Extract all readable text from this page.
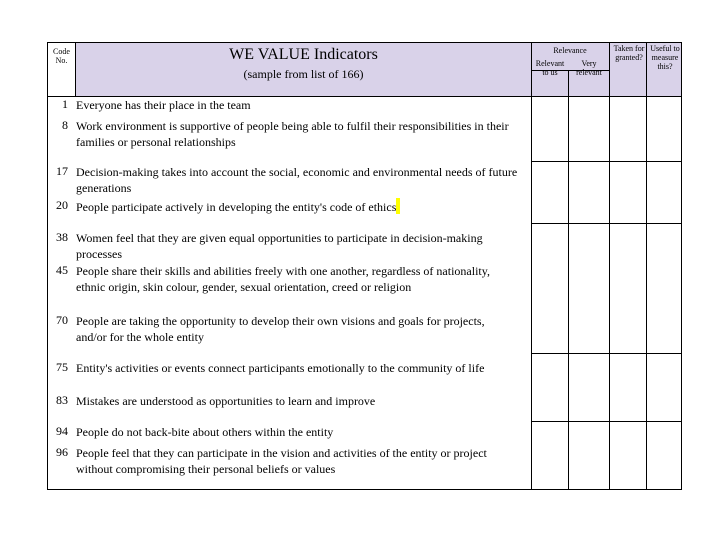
Code No.	WE VALUE Indicators
(sample from list of 166)
Relevance
Relevant to us
Very relevant
Taken for granted?
Useful to measure this?
1 Everyone has their place in the team
8 Work environment is supportive of people being able to fulfil their responsibilities in their families or personal relationships
17 Decision-making takes into account the social, economic and environmental needs of future generations
20 People participate actively in developing the entity's code of ethics
38 Women feel that they are given equal opportunities to participate in decision-making processes
45 People share their skills and abilities freely with one another, regardless of nationality, ethnic origin, skin colour, gender, sexual orientation, creed or religion
70 People are taking the opportunity to develop their own visions and goals for projects, and/or for the whole entity
75 Entity's activities or events connect participants emotionally to the community of life
83 Mistakes are understood as opportunities to learn and improve
94 People do not back-bite about others within the entity
96 People feel that they can participate in the vision and activities of the entity or project without compromising their personal beliefs or values
